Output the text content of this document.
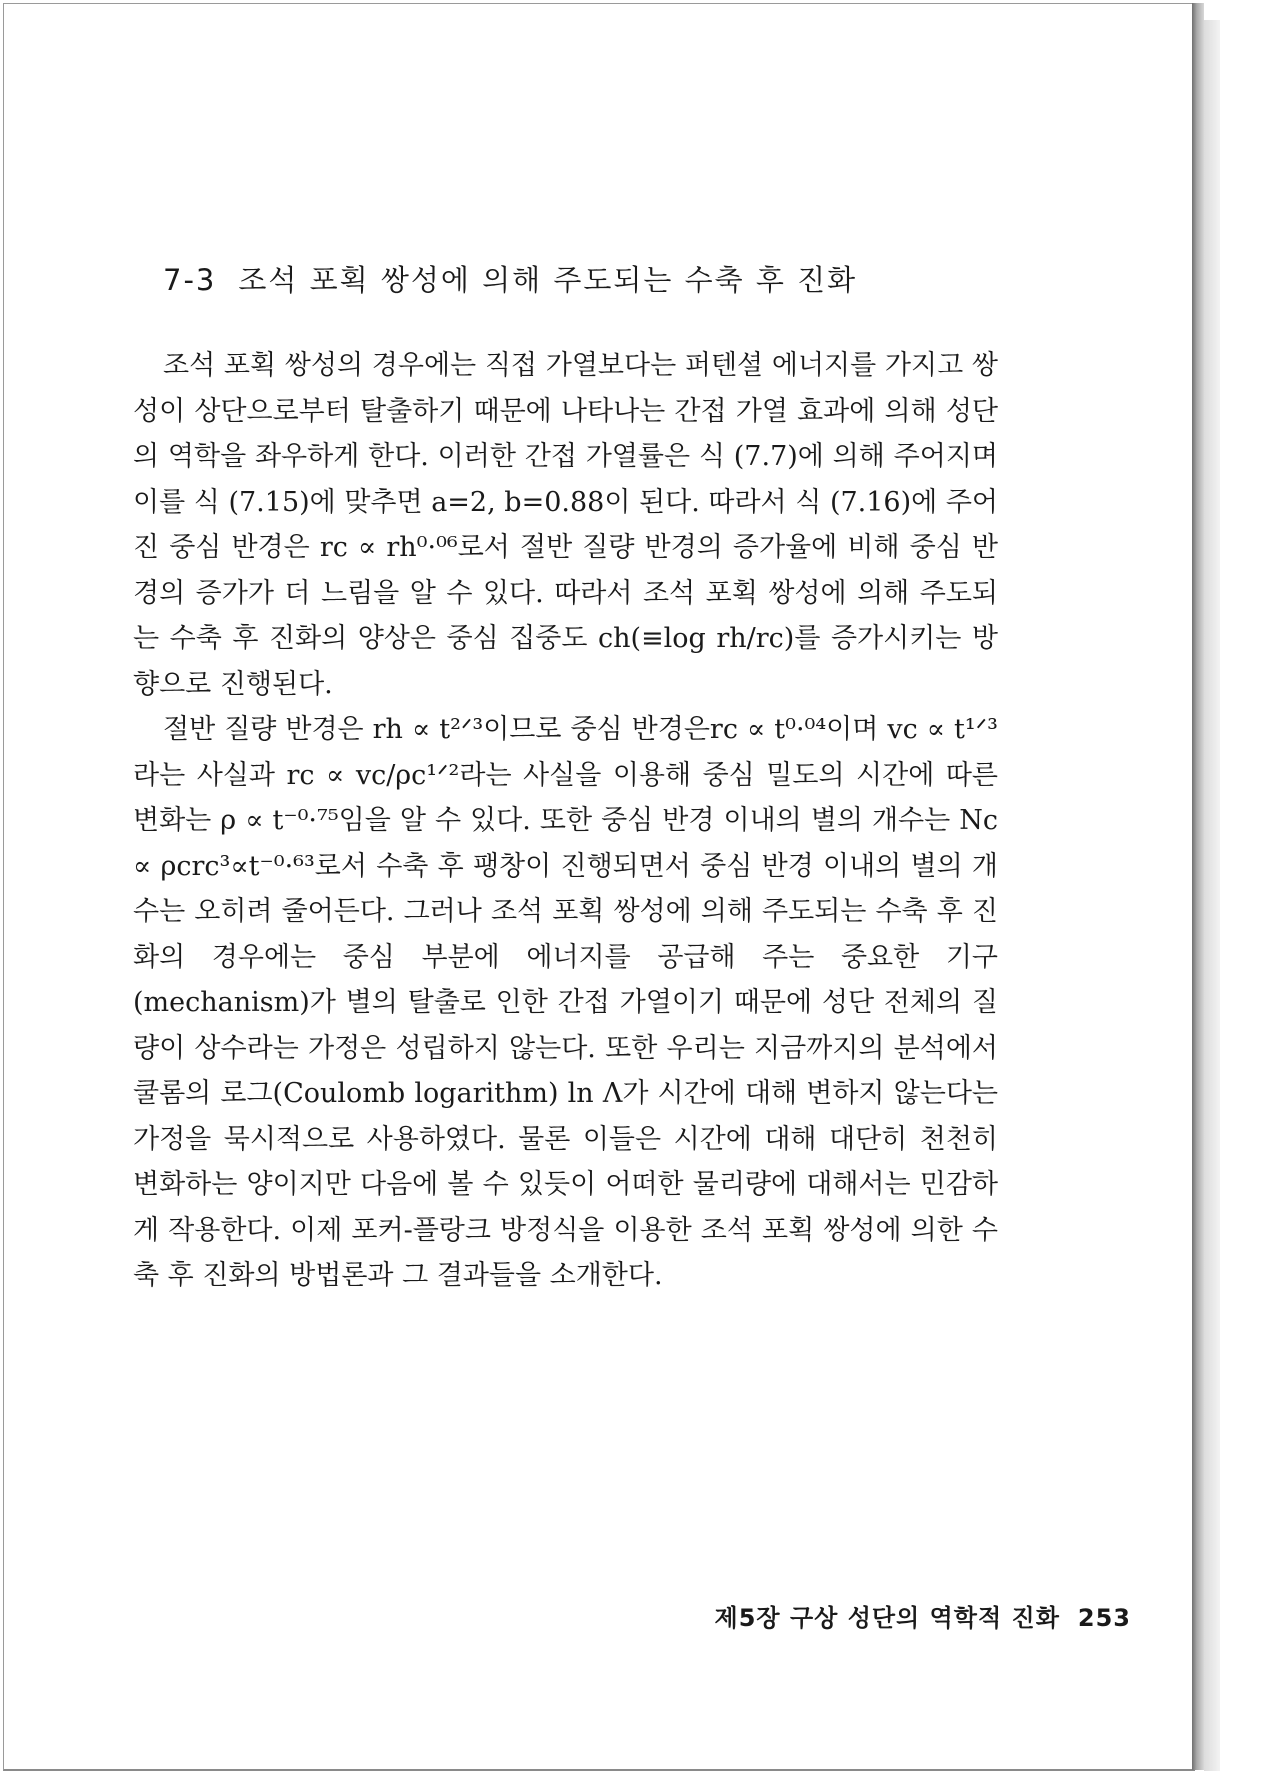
7-3 조석 포획 쌍성에 의해 주도되는 수축 후 진화

조석 포획 쌍성의 경우에는 직접 가열보다는 퍼텐셜 에너지를 가지고 쌍성이 상단으로부터 탈출하기 때문에 나타나는 간접 가열 효과에 의해 성단의 역학을 좌우하게 한다. 이러한 간접 가열률은 식 (7.7)에 의해 주어지며 이를 식 (7.15)에 맞추면 a=2, b=0.88이 된다. 따라서 식 (7.16)에 주어진 중심 반경은 rc ∝ rh⁰·⁰⁶로서 절반 질량 반경의 증가율에 비해 중심 반경의 증가가 더 느림을 알 수 있다. 따라서 조석 포획 쌍성에 의해 주도되는 수축 후 진화의 양상은 중심 집중도 ch(≡log rh/rc)를 증가시키는 방향으로 진행된다.

절반 질량 반경은 rh ∝ t²ᐟ³이므로 중심 반경은rc ∝ t⁰·⁰⁴이며 vc ∝ t¹ᐟ³라는 사실과 rc ∝ vc/ρc¹ᐟ²라는 사실을 이용해 중심 밀도의 시간에 따른 변화는 ρ ∝ t⁻⁰·⁷⁵임을 알 수 있다. 또한 중심 반경 이내의 별의 개수는 Nc ∝ ρcrc³∝t⁻⁰·⁶³로서 수축 후 팽창이 진행되면서 중심 반경 이내의 별의 개수는 오히려 줄어든다. 그러나 조석 포획 쌍성에 의해 주도되는 수축 후 진화의 경우에는 중심 부분에 에너지를 공급해 주는 중요한 기구(mechanism)가 별의 탈출로 인한 간접 가열이기 때문에 성단 전체의 질량이 상수라는 가정은 성립하지 않는다. 또한 우리는 지금까지의 분석에서 쿨롬의 로그(Coulomb logarithm) ln Λ가 시간에 대해 변하지 않는다는 가정을 묵시적으로 사용하였다. 물론 이들은 시간에 대해 대단히 천천히 변화하는 양이지만 다음에 볼 수 있듯이 어떠한 물리량에 대해서는 민감하게 작용한다. 이제 포커-플랑크 방정식을 이용한 조석 포획 쌍성에 의한 수축 후 진화의 방법론과 그 결과들을 소개한다.

제5장 구상 성단의 역학적 진화 253
